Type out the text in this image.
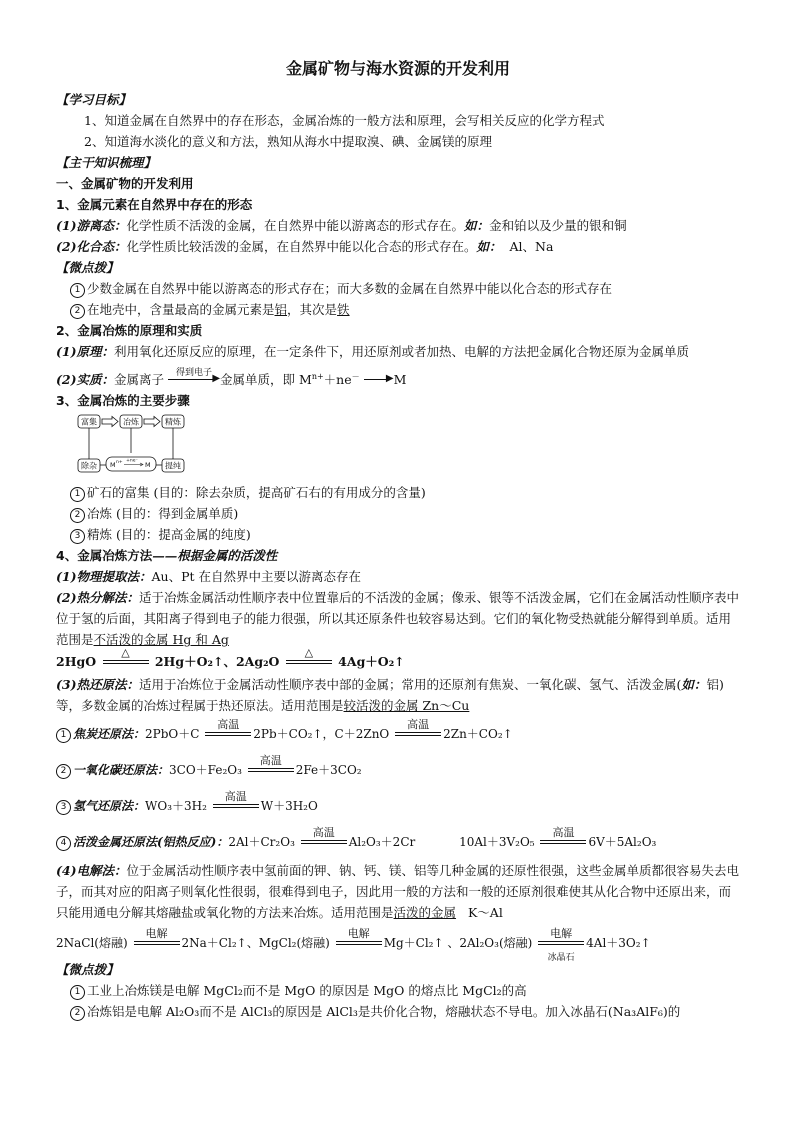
金属矿物与海水资源的开发利用
【学习目标】
1、知道金属在自然界中的存在形态，金属冶炼的一般方法和原理，会写相关反应的化学方程式
2、知道海水淡化的意义和方法，熟知从海水中提取溴、碘、金属镁的原理
【主干知识梳理】
一、金属矿物的开发利用
1、金属元素在自然界中存在的形态
(1)游离态：化学性质不活泼的金属，在自然界中能以游离态的形式存在。如：金和铂以及少量的银和铜
(2)化合态：化学性质比较活泼的金属，在自然界中能以化合态的形式存在。如： Al、Na
【微点拨】
1 少数金属在自然界中能以游离态的形式存在；而大多数的金属在自然界中能以化合态的形式存在
2 在地壳中，含量最高的金属元素是铝，其次是铁
2、金属冶炼的原理和实质
(1)原理：利用氧化还原反应的原理，在一定条件下，用还原剂或者加热、电解的方法把金属化合物还原为金属单质
(2)实质：金属离子	得到电子 ▶ 金属单质，即 $M^{n+}+ne^-$	▶ M
3、金属冶炼的主要步骤
富集	冶炼	精炼
除杂	提纯
M n+ +ne⁻ M
1 矿石的富集 (目的：除去杂质，提高矿石右的有用成分的含量)
2 冶炼 (目的：得到金属单质)
3 精炼 (目的：提高金属的纯度)
4、金属冶炼方法——根据金属的活泼性
(1)物理提取法：Au、Pt 在自然界中主要以游离态存在
(2)热分解法：适于冶炼金属活动性顺序表中位置靠后的不活泼的金属；像汞、银等不活泼金属，它们在金属活动性顺序表中位于氢的后面，其阳离子得到电子的能力很强，所以其还原条件也较容易达到。它们的氧化物受热就能分解得到单质。适用范围是不活泼的金属 Hg 和 Ag
2HgO
△
2Hg＋O₂↑、2Ag₂O
△
4Ag＋O₂↑
(3)热还原法：适用于冶炼位于金属活动性顺序表中部的金属；常用的还原剂有焦炭、一氧化碳、氢气、活泼金属(如：铝)等，多数金属的冶炼过程属于热还原法。适用范围是较活泼的金属 Zn～Cu
1 焦炭还原法：2PbO＋C
高温
2Pb＋CO₂↑，C＋2ZnO
高温
2Zn＋CO₂↑
2 一氧化碳还原法：3CO＋Fe₂O₃
高温
2Fe＋3CO₂
3 氢气还原法：WO₃＋3H₂
高温
W＋3H₂O
4 活泼金属还原法(铝热反应)：2Al＋Cr₂O₃
高温
Al₂O₃＋2Cr	10Al＋3V₂O₅
高温
6V＋5Al₂O₃
(4)电解法：位于金属活动性顺序表中氢前面的钾、钠、钙、镁、铝等几种金属的还原性很强，这些金属单质都很容易失去电子，而其对应的阳离子则氧化性很弱，很难得到电子，因此用一般的方法和一般的还原剂很难使其从化合物中还原出来，而只能用通电分解其熔融盐或氧化物的方法来冶炼。适用范围是活泼的金属 K～Al
2NaCl(熔融)
电解
2Na＋Cl₂↑、MgCl₂(熔融)
电解
Mg＋Cl₂↑ 、2Al₂O₃(熔融)
电解
冰晶石
4Al＋3O₂↑
【微点拨】
1 工业上冶炼镁是电解 MgCl₂而不是 MgO 的原因是 MgO 的熔点比 MgCl₂的高
2 冶炼铝是电解 Al₂O₃而不是 AlCl₃的原因是 AlCl₃是共价化合物，熔融状态不导电。加入冰晶石(Na₃AlF₆)的
